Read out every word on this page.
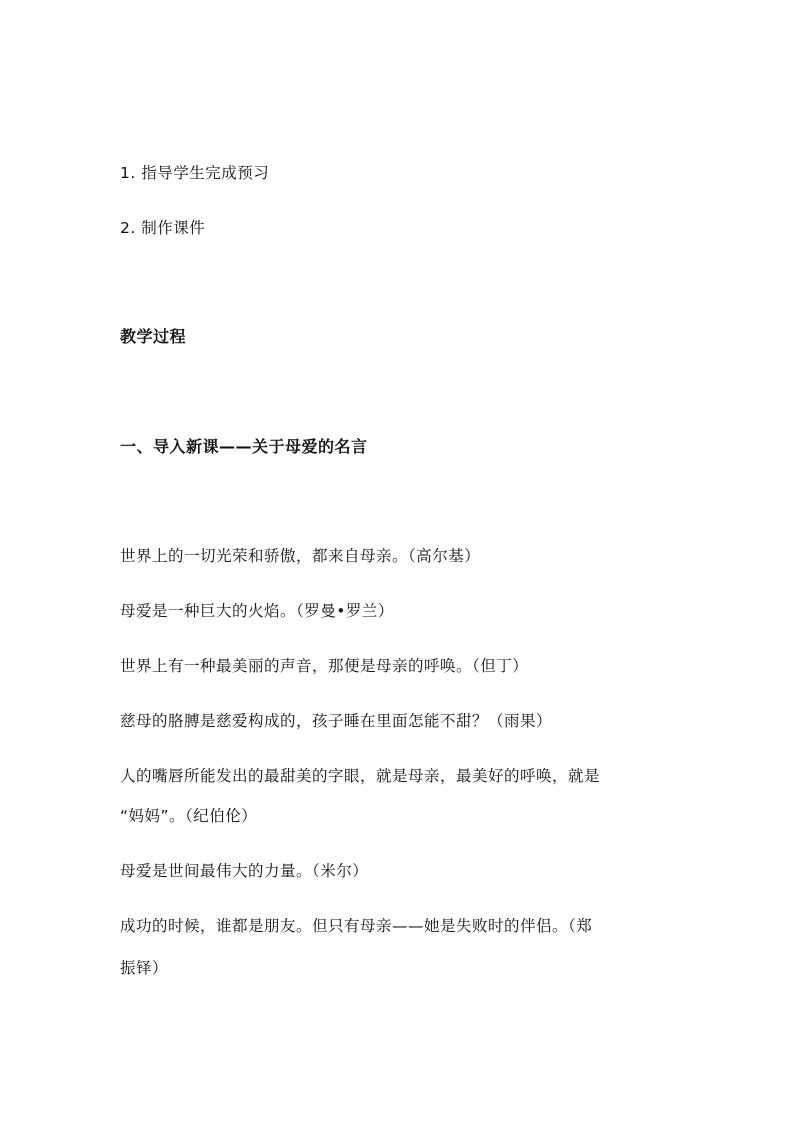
1. 指导学生完成预习
2. 制作课件
教学过程
一、导入新课——关于母爱的名言
世界上的一切光荣和骄傲，都来自母亲。（高尔基）
母爱是一种巨大的火焰。（罗曼•罗兰）
世界上有一种最美丽的声音，那便是母亲的呼唤。（但丁）
慈母的胳膊是慈爱构成的，孩子睡在里面怎能不甜？（雨果）
人的嘴唇所能发出的最甜美的字眼，就是母亲，最美好的呼唤，就是
“妈妈”。（纪伯伦）
母爱是世间最伟大的力量。（米尔）
成功的时候，谁都是朋友。但只有母亲——她是失败时的伴侣。（郑
振铎）
